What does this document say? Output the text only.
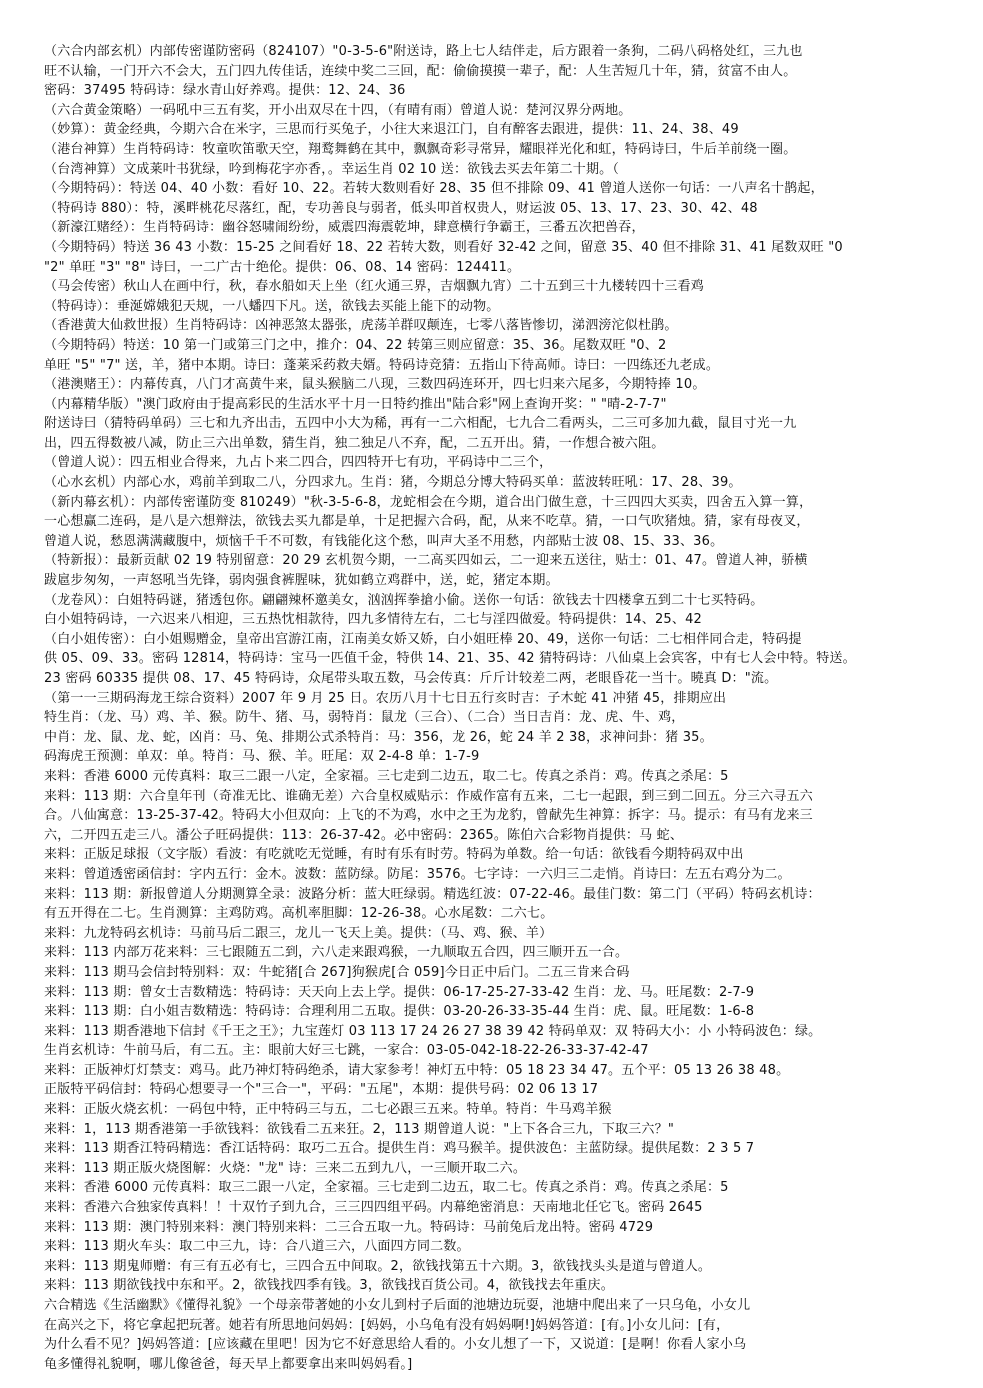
（六合内部玄机）内部传密谨防密码（824107）"0-3-5-6"附送诗，路上七人结伴走，后方跟着一条狗，二码八码格处红，三九也
旺不认输，一门开六不会大，五门四九传佳话，连续中奖二三回，配：偷偷摸摸一辈子，配：人生苦短几十年，猜，贫富不由人。
密码：37495 特码诗：绿水青山好养鸡。提供：12、24、36
（六合黄金策略）一码吼中三五有奖，开小出双尽在十四，（有晴有雨）曾道人说：楚河汉界分两地。
（妙算）：黄金经典，今期六合在米字，三思而行买兔子，小往大来退江门，自有醉客去跟进，提供：11、24、38、49
（港台神算）生肖特码诗：牧童吹笛歌天空，翔鹜舞鹤在其中，飘飘奇彩寻常异，耀眼祥光化和虹，特码诗曰，牛后羊前绕一圈。
（台湾神算）文成莱叶书犹绿，吟到梅花字亦香，。幸运生肖 02 10 送：欲钱去买去年第二十期。（
（今期特码）：特送 04、40 小数：看好 10、22。若转大数则看好 28、35 但不排除 09、41 曾道人送你一句话：一八声名十鹊起，
（特码诗 880）：特，溪畔桃花尽落红，配，专功善良与弱者，低头叩首权贵人，财运波 05、13、17、23、30、42、48
（新濠江赌经）：生肖特码诗：幽谷怒啸闹纷纷，威震四海震乾坤，肆意横行争霸王，三番五次把兽吞，
（今期特码）特送 36 43 小数：15-25 之间看好 18、22 若转大数，则看好 32-42 之间，留意 35、40 但不排除 31、41 尾数双旺 "0
"2" 单旺 "3" "8" 诗曰，一二广古十绝伦。提供：06、08、14 密码：124411。
（马会传密）秋山人在画中行，秋，春水船如天上坐（红火通三界，吉烟飘九宵）二十五到三十九楼转四十三看鸡
（特码诗）：垂涎嫦娥犯天规，一八蟠四下凡。送，欲钱去买能上能下的动物。
（香港黄大仙救世报）生肖特码诗：凶神恶煞太器张，虎荡羊群叹颠连，七零八落皆惨切，涕泗滂沱似杜鹃。
（今期特码）特送：10 第一门或第三门之中，推介：04、22 转第三则应留意：35、36。尾数双旺 "0、2
单旺 "5" "7" 送，羊，猪中本期。诗曰：蓬莱采药救夫婿。特码诗竞猜：五指山下待高师。诗曰：一四练还九老成。
（港澳赌王）：内幕传真，八门才高黄牛来，鼠头猴脑二八现，三数四码连环开，四七归来六尾多，今期特捧 10。
（内幕精华版）"澳门政府由于提高彩民的生活水平十月一日特约推出"陆合彩"网上查询开奖：" "晴-2-7-7"
附送诗曰（猜特码单码）三七和九齐出击，五四中小大为稀，再有一二六相配，七九合二看两头，二三可多加九截，鼠目寸光一九
出，四五得数被八减，防止三六出单数，猜生肖，独二独足八不弃，配，二五开出。猜，一作想合被六阻。
（曾道人说）：四五相业合得来，九占卜来二四合，四四特开七有功，平码诗中二三个，
（心水玄机）内部心水，鸡前羊到取二八，分四求九。生肖：猪，今期总分博大特码买单：蓝波转旺吼：17、28、39。
（新内幕玄机）：内部传密谨防变 810249）"秋-3-5-6-8，龙蛇相会在今期，道合出门做生意，十三四四大买卖，四舍五入算一算，
一心想赢二连码，是八是六想辩法，欲钱去买九都是单，十足把握六合码，配，从来不吃草。猜，一口气吹猪烛。猜，家有母夜叉，
曾道人说，愁恩满满藏腹中，烦恼千千不可数，有钱能化这个愁，叫声大圣不用愁，内部贴士波 08、15、33、36。
（特新报）：最新贡献 02 19 特别留意：20 29 玄机贺今期，一二高买四如云，二一迎来五送往，贴士：01、47。曾道人神，骄横
跋扈步匆匆，一声怒吼当先锋，弱肉强食裤腥味，犹如鹤立鸡群中，送，蛇，猪定本期。
（龙卷风）：白姐特码谜，猪透包你。翩翩辣杯邀美女，汹汹挥拳搶小偷。送你一句话：欲钱去十四楼拿五到二十七买特码。
白小姐特码诗，一六迟来八相迎，三五热忱相款待，四九多情待左右，二七与淫四做爱。特码提供：14、25、42
（白小姐传密）：白小姐赐赠金，皇帝出宫游江南，江南美女娇又娇，白小姐旺棒 20、49，送你一句话：二七相伴同合走，特码提
供 05、09、33。密码 12814，特码诗：宝马一匹值千金，特供 14、21、35、42 猜特码诗：八仙桌上会宾客，中有七人会中特。特送。
23 密码 60335 提供 08、17、45 特码诗，众尾带头取五数，马会传真：斤斤计较差二两，老眼昏花一当十。曉真 D："流。
（第一一三期码海龙王综合资料）2007 年 9 月 25 日。农历八月十七日五行亥时吉：子木蛇 41 冲猪 45，排期应出
特生肖：（龙、马）鸡、羊、猴。防牛、猪、马，弱特肖：鼠龙（三合）、（二合）当日吉肖：龙、虎、牛、鸡，
中肖：龙、鼠、龙、蛇，凶肖：马、兔、排期公式杀特肖：马：356，龙 26，蛇 24 羊 2 38，求神问卦：猪 35。
码海虎王预测：单双：单。特肖：马、猴、羊。旺尾：双 2-4-8 单：1-7-9
来料：香港 6000 元传真料：取三二跟一八定，全家福。三七走到二边五，取二七。传真之杀肖：鸡。传真之杀尾：5
来料：113 期：六合皇年刊（奇准无比、谁确无差）六合皇权威贴示：作威作富有五来，二七一起跟，到三到二回五。分三六寻五六
合。八仙寓意：13-25-37-42。特码大小但双向：上飞的不为鸡，水中之王为龙豹，曾献先生神算：拆字：马。提示：有马有龙来三
六，二开四五走三八。潘公子旺码提供：113：26-37-42。必中密码：2365。陈伯六合彩物肖提供：马 蛇、
来料：正版足球报（文字版）看波：有吃就吃无觉睡，有时有乐有时劳。特码为单数。给一句话：欲钱看今期特码双中出
来料：曾道透密函信封：字内五行：金木。波数：蓝防绿。防尾：3576。七字诗：一六归三二走悄。肖诗曰：左五右鸡分为二。
来料：113 期：新报曾道人分期测算全录：波路分析：蓝大旺绿弱。精选红波：07-22-46。最佳门数：第二门（平码）特码玄机诗：
有五开得在二七。生肖测算：主鸡防鸡。高机率胆脚：12-26-38。心水尾数：二六七。
来料：九龙特码玄机诗：马前马后二跟三，龙儿一飞天上美。提供：（马、鸡、猴、羊）
来料：113 内部万花来料：三七跟随五二到，六八走来跟鸡猴，一九顺取五合四，四三顺开五一合。
来料：113 期马会信封特别料：双：牛蛇猪[合 267]狗猴虎[合 059]今日正中后门。二五三肯来合码
来料：113 期：曾女士吉数精选：特码诗：天天向上去上学。提供：06-17-25-27-33-42 生肖：龙、马。旺尾数：2-7-9
来料：113 期：白小姐吉数精选：特码诗：合理利用二五取。提供：03-20-26-33-35-44 生肖：虎、鼠。旺尾数：1-6-8
来料：113 期香港地下信封《千王之王》；九宝莲灯 03 113 17 24 26 27 38 39 42 特码单双：双 特码大小：小 小特码波色：绿。
生肖玄机诗：牛前马后，有二五。主：眼前大好三七跳，一家合：03-05-042-18-22-26-33-37-42-47
来料：正版神灯灯禁支：鸡马。此乃神灯特码绝杀，请大家参考！神灯五中特：05 18 23 34 47。五个平：05 13 26 38 48。
正版特平码信封：特码心想要寻一个"三合一"，平码："五尾"，本期：提供号码：02 06 13 17
来料：正版火烧玄机：一码包中特，正中特码三与五，二七必跟三五来。特单。特肖：牛马鸡羊猴
来料：1，113 期香港第一手欲钱料：欲钱看二五来狂。2，113 期曾道人说："上下各合三九，下取三六？"
来料：113 期香江特码精选：香江话特码：取巧二五合。提供生肖：鸡马猴羊。提供波色：主蓝防绿。提供尾数：2 3 5 7
来料：113 期正版火烧图解：火烧："龙" 诗：三来二五到九八，一三顺开取二六。
来料：香港 6000 元传真料：取三二跟一八定，全家福。三七走到二边五，取二七。传真之杀肖：鸡。传真之杀尾：5
来料：香港六合独家传真料！！十双竹子到九合，三三四四组平码。内幕绝密消息：天南地北任它飞。密码 2645
来料：113 期：澳门特别来料：澳门特别来料：二三合五取一九。特码诗：马前兔后龙出特。密码 4729
来料：113 期火车头：取二中三九，诗：合八道三六，八面四方同二数。
来料：113 期鬼师赠：有三有五必有七，三四合五中间取。2，欲钱找第五十六期。3，欲钱找头头是道与曾道人。
来料：113 期欲钱找中东和平。2，欲钱找四季有钱。3，欲钱找百货公司。4，欲钱找去年重庆。
六合精选《生活幽默》《懂得礼貌》一个母亲带著她的小女儿到村子后面的池塘边玩耍，池塘中爬出来了一只乌龟，小女儿
在高兴之下，将它拿起把玩著。她若有所思地问妈妈：[妈妈，小乌龟有没有妈妈啊!]妈妈答道：[有。]小女儿问：[有，
为什么看不见？]妈妈答道：[应该藏在里吧！因为它不好意思给人看的。小女儿想了一下，又说道：[是啊！你看人家小乌
龟多懂得礼貌啊，哪儿像爸爸，每天早上都要拿出来叫妈妈看。]
